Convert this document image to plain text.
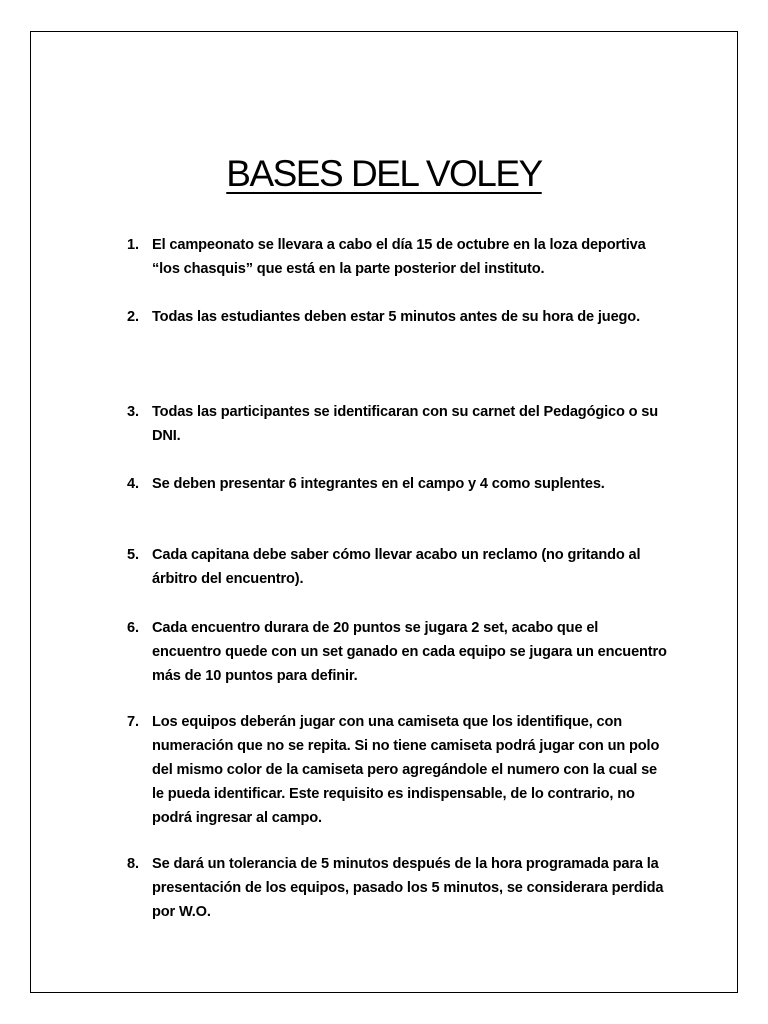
BASES DEL VOLEY
1. El campeonato se llevara a cabo el día 15 de octubre en la loza deportiva “los chasquis” que está en la parte posterior del instituto.
2. Todas las estudiantes deben estar 5 minutos antes de su hora de juego.
3. Todas las participantes se identificaran con su carnet del Pedagógico o su DNI.
4. Se deben presentar 6 integrantes en el campo y 4 como suplentes.
5. Cada capitana debe saber cómo llevar acabo un reclamo (no gritando al árbitro del encuentro).
6. Cada encuentro durara de 20 puntos se jugara 2 set, acabo que el encuentro quede con un set ganado en cada equipo se jugara un encuentro más de 10 puntos para definir.
7. Los equipos deberán jugar con una camiseta que los identifique, con numeración que no se repita. Si no tiene camiseta podrá jugar con un polo del mismo color de la camiseta pero agregándole el numero con la cual se le pueda identificar. Este requisito es indispensable, de lo contrario, no podrá ingresar al campo.
8. Se dará un tolerancia de 5 minutos después de la hora programada para la presentación de los equipos, pasado los 5 minutos, se considerara perdida por W.O.
